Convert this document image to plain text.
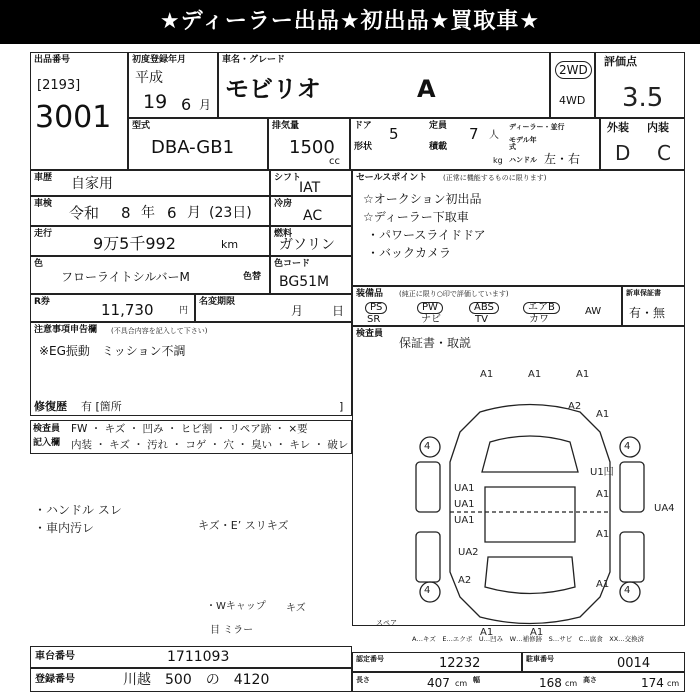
★ディーラー出品★初出品★買取車★
出品番号
[2193]
3001
初度登録年月
平成
19 6 月
車名・グレード
モビリオ	A
2WD
4WD
評価点
3.5
型式
DBA-GB1
排気量
1500
cc
ドア 5	定員 7 人
ディーラー・並行
形状	積載
モデル年式
kg ハンドル 左・右
外装 内装
D C
車歴 自家用	シフト
IAT
車検 令和 8 年 6 月 (23日)
冷房
AC
走行	9万5千992	km
燃料
ガソリン
色
フローライトシルバーM	色替
色コード
BG51M
R券	11,730	円
名変期限
月 日
注意事項申告欄 (不具合内容を記入して下さい)
※EG振動　ミッション不調
修復歴 有 [箇所	]
検査員
記入欄
FW ・ キズ ・ 凹み ・ ヒビ割 ・ リペア跡 ・ ×要
内装 ・ キズ ・ 汚れ ・ コゲ ・ 穴 ・ 臭い ・ キレ ・ 破レ
セールスポイント (正常に機能するものに限ります)
☆オークション初出品
☆ディーラー下取車
・パワースライドドア
・バックカメラ
装備品 (純正に限り○印で評価しています)
PS
SR
PW
ナビ
ABS
TV
エアB
カワ
AW
新車保証書
有・無
検査員
保証書・取説
・ハンドル スレ
・車内汚レ	キズ・E’ スリキズ
・Wキャップ
目 ミラー
キズ
A1	A1	A1
A1
A1
A1
A1
A1	A1
A2
A2
UA1
UA1
UA1
UA2
UA4
U1凹
4	4
4	4
スペア
A…キズ　E…エクボ　U…凹み　W…補修跡　S…サビ　C…腐食　XX…交換済
車台番号	1711093
登録番号	川越　500　の　4120
認定番号	12232	駐車番号	0014
長さ	407 cm 幅	168 cm 高さ	174 cm
